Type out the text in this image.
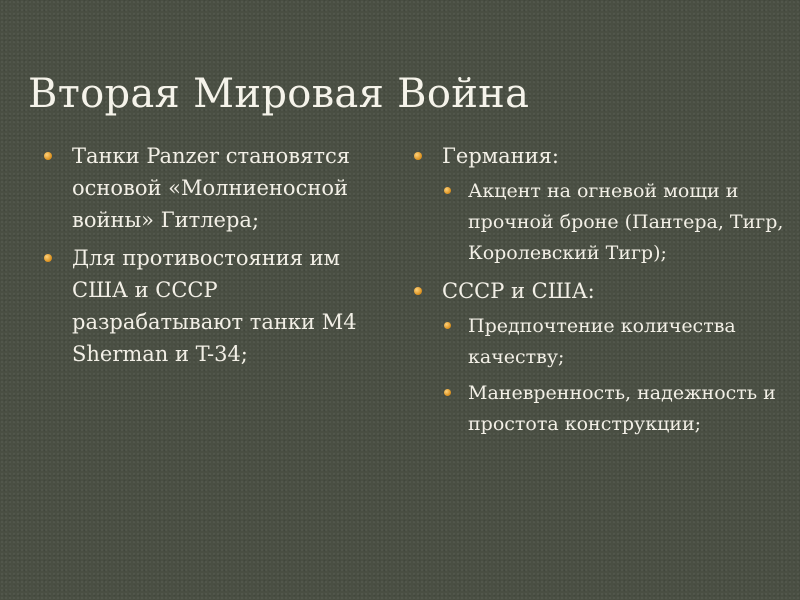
Вторая Мировая Война
Танки Panzer становятся основой «Молниеносной войны» Гитлера;
Для противостояния им США и СССР разрабатывают танки M4 Sherman и T-34;
Германия:
Акцент на огневой мощи и прочной броне (Пантера, Тигр, Королевский Тигр);
СССР и США:
Предпочтение количества качеству;
Маневренность, надежность и простота конструкции;
